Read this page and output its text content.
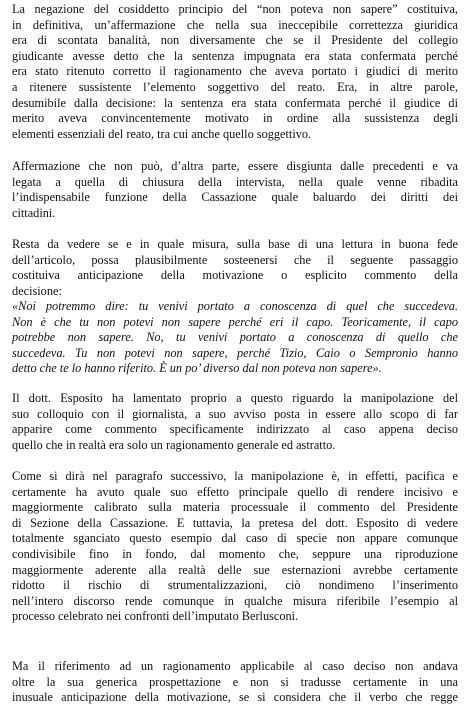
La negazione del cosiddetto principio del “non poteva non sapere” costituiva,
in definitiva, un’affermazione che nella sua ineccepibile correttezza giuridica
era di scontata banalità, non diversamente che se il Presidente del collegio
giudicante avesse detto che la sentenza impugnata era stata confermata perché
era stato ritenuto corretto il ragionamento che aveva portato i giudici di merito
a ritenere sussistente l’elemento soggettivo del reato. Era, in altre parole,
desumibile dalla decisione: la sentenza era stata confermata perché il giudice di
merito aveva convincentemente motivato in ordine alla sussistenza degli
elementi essenziali del reato, tra cui anche quello soggettivo.

Affermazione che non può, d’altra parte, essere disgiunta dalle precedenti e va
legata a quella di chiusura della intervista, nella quale venne ribadita
l’indispensabile funzione della Cassazione quale baluardo dei diritti dei
cittadini.

Resta da vedere se e in quale misura, sulla base di una lettura in buona fede
dell’articolo, possa plausibilmente sosteenersi che il seguente passaggio
costituiva anticipazione della motivazione o esplicito commento della
decisione:

«Noi potremmo dire: tu venivi portato a conoscenza di quel che succedeva.
Non è che tu non potevi non sapere perché eri il capo. Teoricamente, il capo
potrebbe non sapere. No, tu venivi portato a conoscenza di quello che
succedeva. Tu non potevi non sapere, perché Tizio, Caio o Sempronio hanno
detto che te lo hanno riferito. È un po’ diverso dal non poteva non sapere».

Il dott. Esposito ha lamentato proprio a questo riguardo la manipolazione del
suo colloquio con il giornalista, a suo avviso posta in essere allo scopo di far
apparire come commento specificamente indirizzato al caso appena deciso
quello che in realtà era solo un ragionamento generale ed astratto.

Come si dirà nel paragrafo successivo, la manipolazione è, in effetti, pacifica e
certamente ha avuto quale suo effetto principale quello di rendere incisivo e
maggiormente calibrato sulla materia processuale il commento del Presidente
di Sezione della Cassazione. E tuttavia, la pretesa del dott. Esposito di vedere
totalmente sganciato questo esempio dal caso di specie non appare comunque
condivisibile fino in fondo, dal momento che, seppure una riproduzione
maggiormente aderente alla realtà delle sue esternazioni avrebbe certamente
ridotto il rischio di strumentalizzazioni, ciò nondimeno l’inserimento
nell’intero discorso rende comunque in qualche misura riferibile l’esempio al
processo celebrato nei confronti dell’imputato Berlusconi.

Ma il riferimento ad un ragionamento applicabile al caso deciso non andava
oltre la sua generica prospettazione e non si tradusse certamente in una
inusuale anticipazione della motivazione, se si considera che il verbo che regge
